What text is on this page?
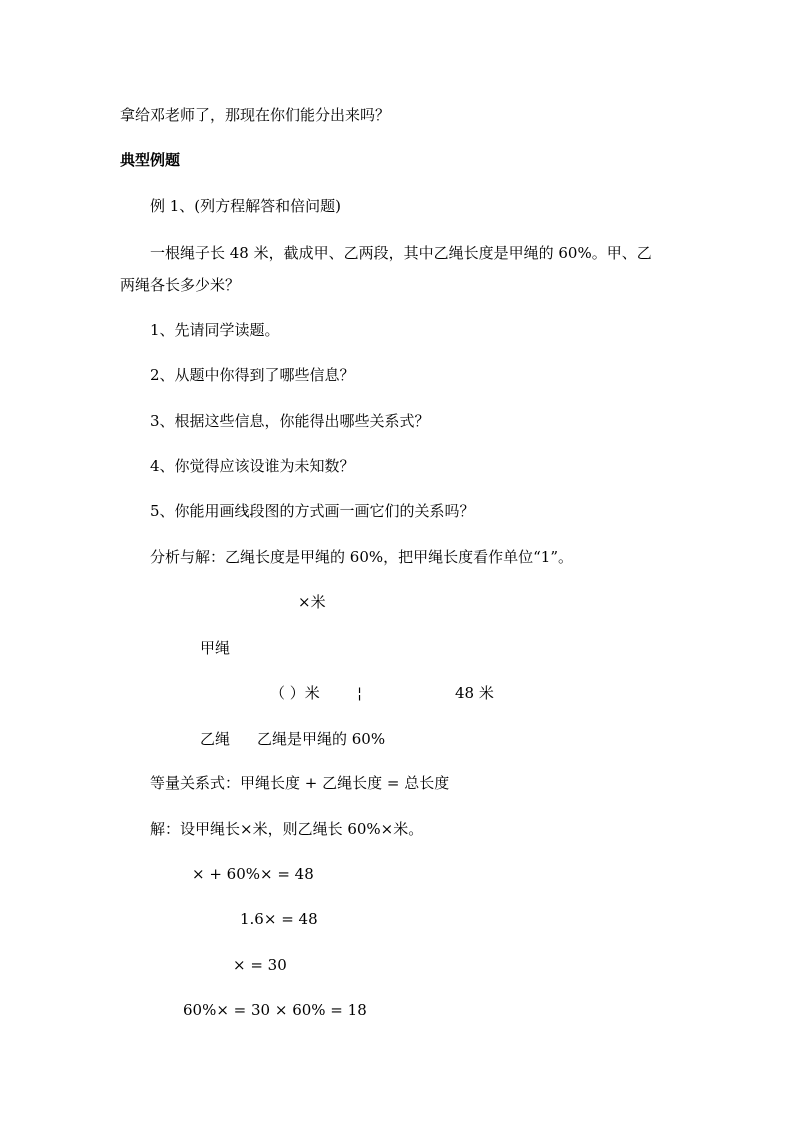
拿给邓老师了，那现在你们能分出来吗？
典型例题
例 1、(列方程解答和倍问题)
一根绳子长 48 米，截成甲、乙两段，其中乙绳长度是甲绳的 60%。甲、乙
两绳各长多少米？
1、先请同学读题。
2、从题中你得到了哪些信息？
3、根据这些信息，你能得出哪些关系式？
4、你觉得应该设谁为未知数？
5、你能用画线段图的方式画一画它们的关系吗？
分析与解：乙绳长度是甲绳的 60%，把甲绳长度看作单位“1”。
×米
甲绳
（ ）米 ¦	48 米
乙绳 乙绳是甲绳的 60%
等量关系式：甲绳长度 + 乙绳长度 = 总长度
解：设甲绳长×米，则乙绳长 60%×米。
× + 60%× = 48
1.6× = 48
× = 30
60%× = 30 × 60% = 18
